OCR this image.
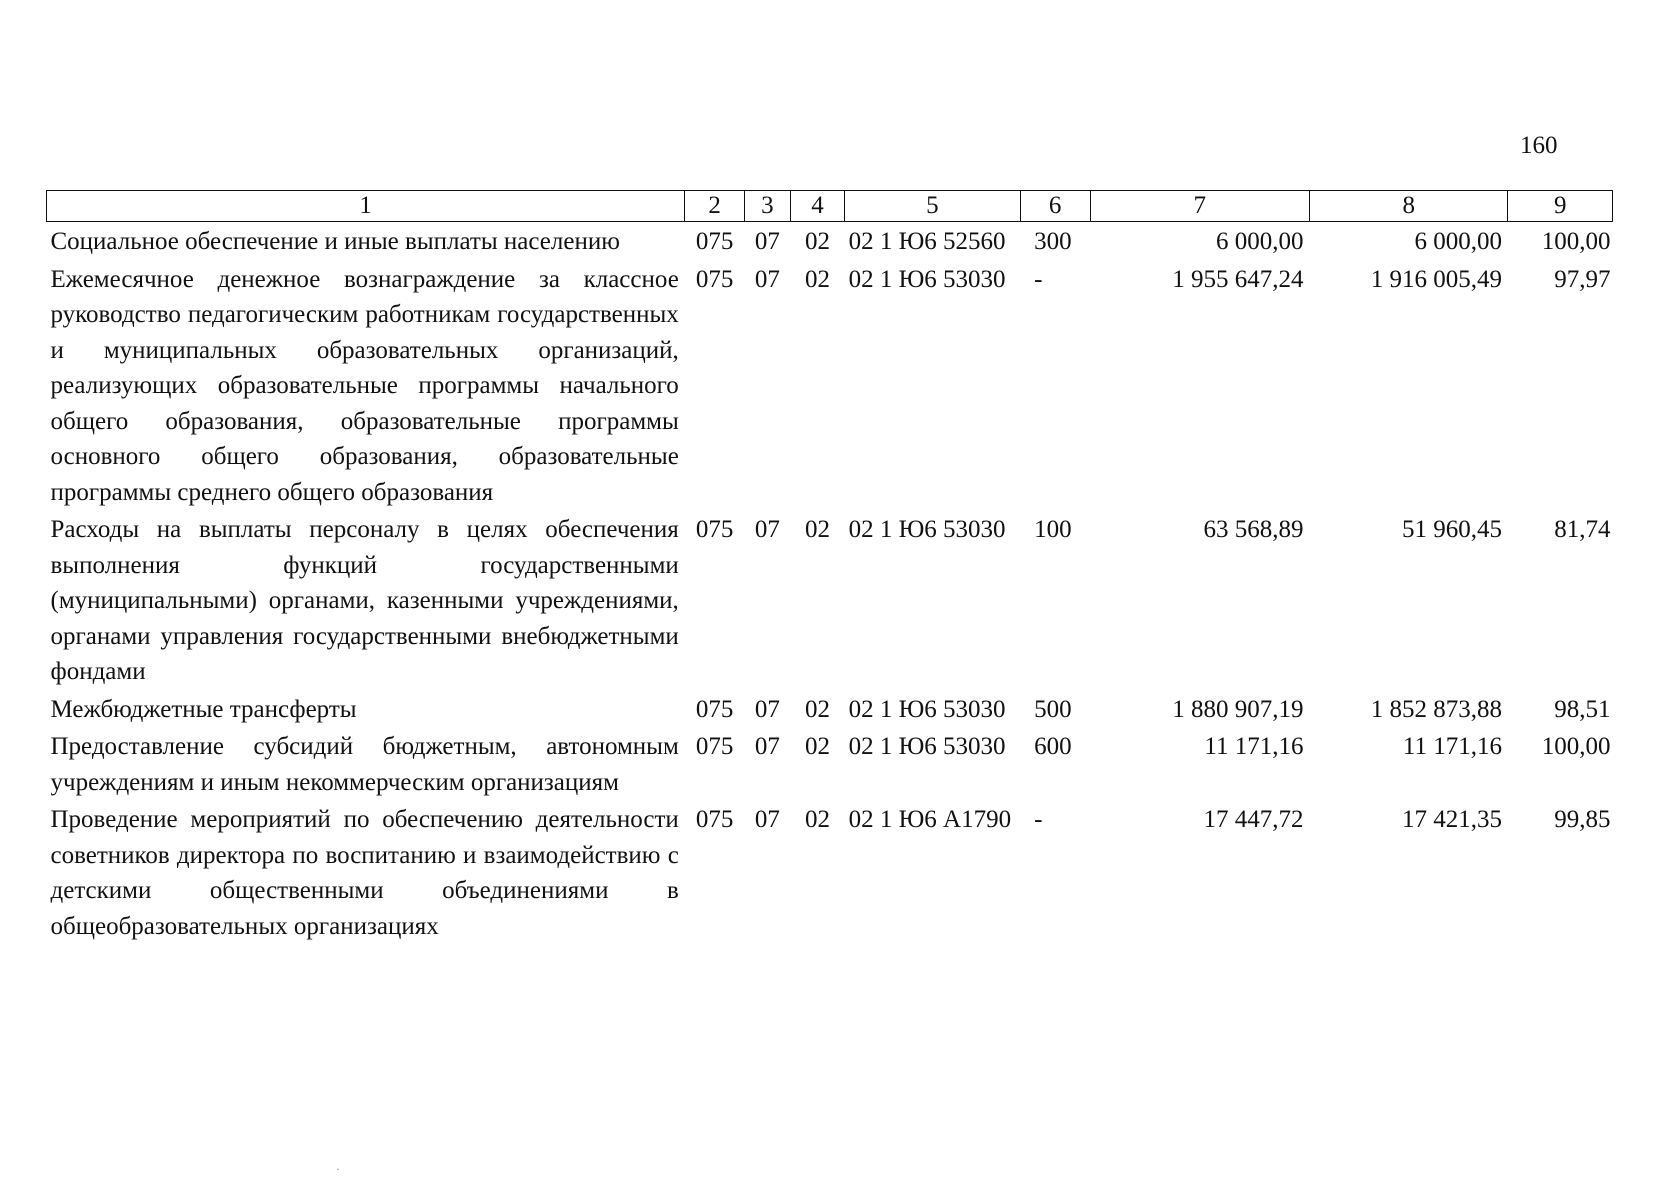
160
1	2	3	4	5	6	7	8	9
Социальное обеспечение и иные выплаты населению	075	07	02	02 1 Ю6 52560	300	6 000,00	6 000,00	100,00
Ежемесячное денежное вознаграждение за классное руководство педагогическим работникам государственных и муниципальных образовательных организаций, реализующих образовательные программы начального общего образования, образовательные программы основного общего образования, образовательные программы среднего общего образования	075	07	02	02 1 Ю6 53030	-	1 955 647,24	1 916 005,49	97,97
Расходы на выплаты персоналу в целях обеспечения выполнения функций государственными (муниципальными) органами, казенными учреждениями, органами управления государственными внебюджетными фондами	075	07	02	02 1 Ю6 53030	100	63 568,89	51 960,45	81,74
Межбюджетные трансферты	075	07	02	02 1 Ю6 53030	500	1 880 907,19	1 852 873,88	98,51
Предоставление субсидий бюджетным, автономным учреждениям и иным некоммерческим организациям	075	07	02	02 1 Ю6 53030	600	11 171,16	11 171,16	100,00
Проведение мероприятий по обеспечению деятельности советников директора по воспитанию и взаимодействию с детскими общественными объединениями в общеобразовательных организациях	075	07	02	02 1 Ю6 А1790	-	17 447,72	17 421,35	99,85
·
